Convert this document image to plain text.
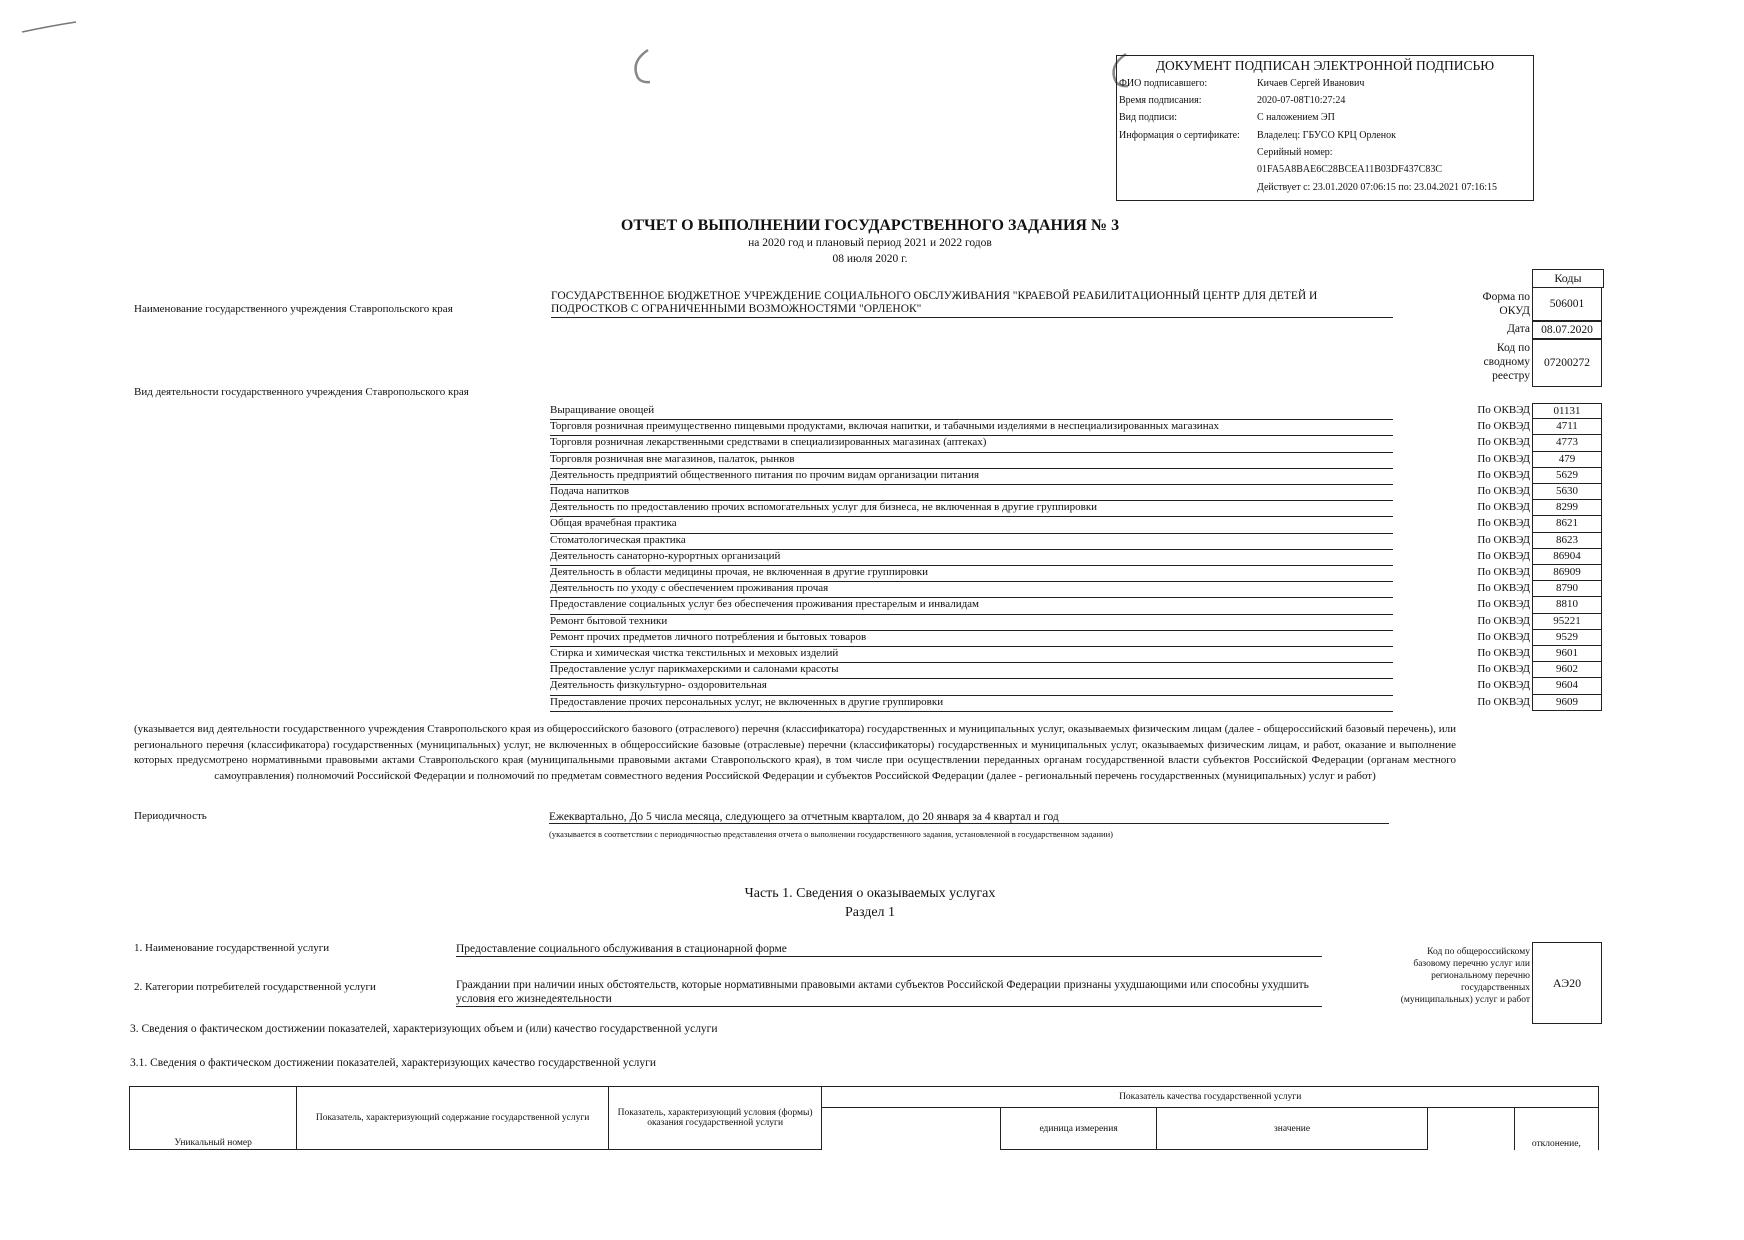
ДОКУМЕНТ ПОДПИСАН ЭЛЕКТРОННОЙ ПОДПИСЬЮ
ФИО подписавшего:	Кичаев Сергей Иванович
Время подписания:	2020-07-08T10:27:24
Вид подписи:	С наложением ЭП
Информация о сертификате: Владелец: ГБУСО КРЦ Орленок
Серийный номер:
01FA5A8BAE6C28BCEA11B03DF437C83C
Действует с: 23.01.2020 07:06:15 по: 23.04.2021 07:16:15
ОТЧЕТ О ВЫПОЛНЕНИИ ГОСУДАРСТВЕННОГО ЗАДАНИЯ № 3
на 2020 год и плановый период 2021 и 2022 годов
08 июля 2020 г.
Коды
Форма по ОКУД
506001
Дата 08.07.2020
Код по сводному реестру
07200272
Наименование государственного учреждения Ставропольского края
ГОСУДАРСТВЕННОЕ БЮДЖЕТНОЕ УЧРЕЖДЕНИЕ СОЦИАЛЬНОГО ОБСЛУЖИВАНИЯ "КРАЕВОЙ РЕАБИЛИТАЦИОННЫЙ ЦЕНТР ДЛЯ ДЕТЕЙ И ПОДРОСТКОВ С ОГРАНИЧЕННЫМИ ВОЗМОЖНОСТЯМИ "ОРЛЕНОК"
Вид деятельности государственного учреждения Ставропольского края
Выращивание овощей	По ОКВЭД	01131
Торговля розничная преимущественно пищевыми продуктами, включая напитки, и табачными изделиями в неспециализированных магазинах	По ОКВЭД	4711
Торговля розничная лекарственными средствами в специализированных магазинах (аптеках)	По ОКВЭД	4773
Торговля розничная вне магазинов, палаток, рынков	По ОКВЭД	479
Деятельность предприятий общественного питания по прочим видам организации питания	По ОКВЭД	5629
Подача напитков	По ОКВЭД	5630
Деятельность по предоставлению прочих вспомогательных услуг для бизнеса, не включенная в другие группировки	По ОКВЭД	8299
Общая врачебная практика	По ОКВЭД	8621
Стоматологическая практика	По ОКВЭД	8623
Деятельность санаторно-курортных организаций	По ОКВЭД	86904
Деятельность в области медицины прочая, не включенная в другие группировки	По ОКВЭД	86909
Деятельность по уходу с обеспечением проживания прочая	По ОКВЭД	8790
Предоставление социальных услуг без обеспечения проживания престарелым и инвалидам	По ОКВЭД	8810
Ремонт бытовой техники	По ОКВЭД	95221
Ремонт прочих предметов личного потребления и бытовых товаров	По ОКВЭД	9529
Стирка и химическая чистка текстильных и меховых изделий	По ОКВЭД	9601
Предоставление услуг парикмахерскими и салонами красоты	По ОКВЭД	9602
Деятельность физкультурно- оздоровительная	По ОКВЭД	9604
Предоставление прочих персональных услуг, не включенных в другие группировки	По ОКВЭД	9609
(указывается вид деятельности государственного учреждения Ставропольского края из общероссийского базового (отраслевого) перечня (классификатора) государственных и муниципальных услуг, оказываемых физическим лицам (далее - общероссийский базовый перечень), или регионального перечня (классификатора) государственных (муниципальных) услуг, не включенных в общероссийские базовые (отраслевые) перечни (классификаторы) государственных и муниципальных услуг, оказываемых физическим лицам, и работ, оказание и выполнение которых предусмотрено нормативными правовыми актами Ставропольского края (муниципальными правовыми актами Ставропольского края), в том числе при осуществлении переданных органам государственной власти субъектов Российской Федерации (органам местного самоуправления) полномочий Российской Федерации и полномочий по предметам совместного ведения Российской Федерации и субъектов Российской Федерации (далее - региональный перечень государственных (муниципальных) услуг и работ)
Периодичность	Ежеквартально, До 5 числа месяца, следующего за отчетным кварталом, до 20 января за 4 квартал и год
(указывается в соответствии с периодичностью представления отчета о выполнении государственного задания, установленной в государственном задании)
Часть 1. Сведения о оказываемых услугах
Раздел 1
1. Наименование государственной услуги	Предоставление социального обслуживания в стационарной форме
2. Категории потребителей государственной услуги	Граждании при наличии иных обстоятельств, которые нормативными правовыми актами субъектов Российской Федерации признаны ухудшающими или способны ухудшить условия его жизнедеятельности
Код по общероссийскому базовому перечню услуг или региональному перечню государственных (муниципальных) услуг и работ
АЭ20
3. Сведения о фактическом достижении показателей, характеризующих объем и (или) качество государственной услуги
3.1. Сведения о фактическом достижении показателей, характеризующих качество государственной услуги
Уникальный номер	Показатель, характеризующий содержание государственной услуги	Показатель, характеризующий условия (формы) оказания государственной услуги	Показатель качества государственной услуги				
				единица измерения	значение		отклонение,
